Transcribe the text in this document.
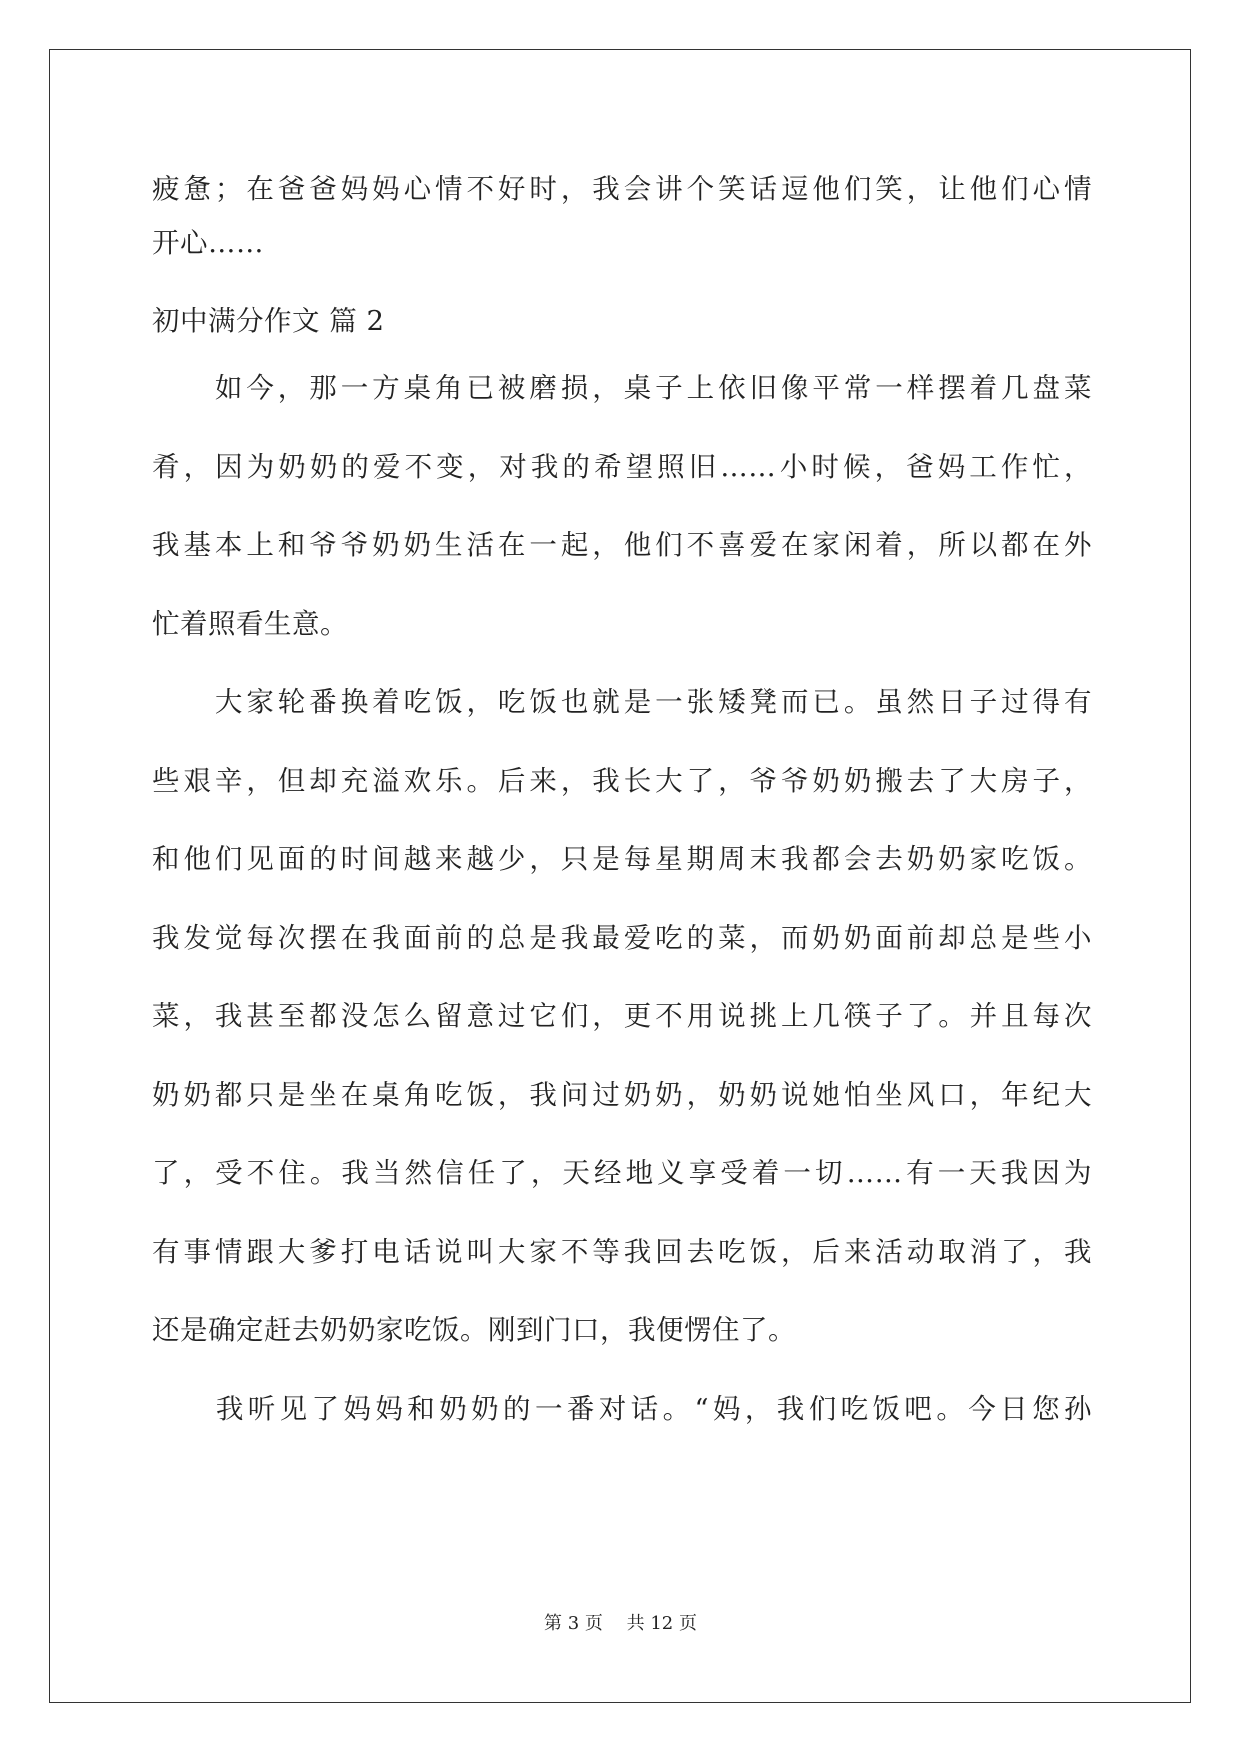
疲惫；在爸爸妈妈心情不好时，我会讲个笑话逗他们笑，让他们心情
开心……
初中满分作文 篇 2
　　如今，那一方桌角已被磨损，桌子上依旧像平常一样摆着几盘菜
肴，因为奶奶的爱不变，对我的希望照旧……小时候，爸妈工作忙，
我基本上和爷爷奶奶生活在一起，他们不喜爱在家闲着，所以都在外
忙着照看生意。
　　大家轮番换着吃饭，吃饭也就是一张矮凳而已。虽然日子过得有
些艰辛，但却充溢欢乐。后来，我长大了，爷爷奶奶搬去了大房子，
和他们见面的时间越来越少，只是每星期周末我都会去奶奶家吃饭。
我发觉每次摆在我面前的总是我最爱吃的菜，而奶奶面前却总是些小
菜，我甚至都没怎么留意过它们，更不用说挑上几筷子了。并且每次
奶奶都只是坐在桌角吃饭，我问过奶奶，奶奶说她怕坐风口，年纪大
了，受不住。我当然信任了，天经地义享受着一切……有一天我因为
有事情跟大爹打电话说叫大家不等我回去吃饭，后来活动取消了，我
还是确定赶去奶奶家吃饭。刚到门口，我便愣住了。
　　我听见了妈妈和奶奶的一番对话。“妈，我们吃饭吧。今日您孙
第 3 页　 共 12 页
